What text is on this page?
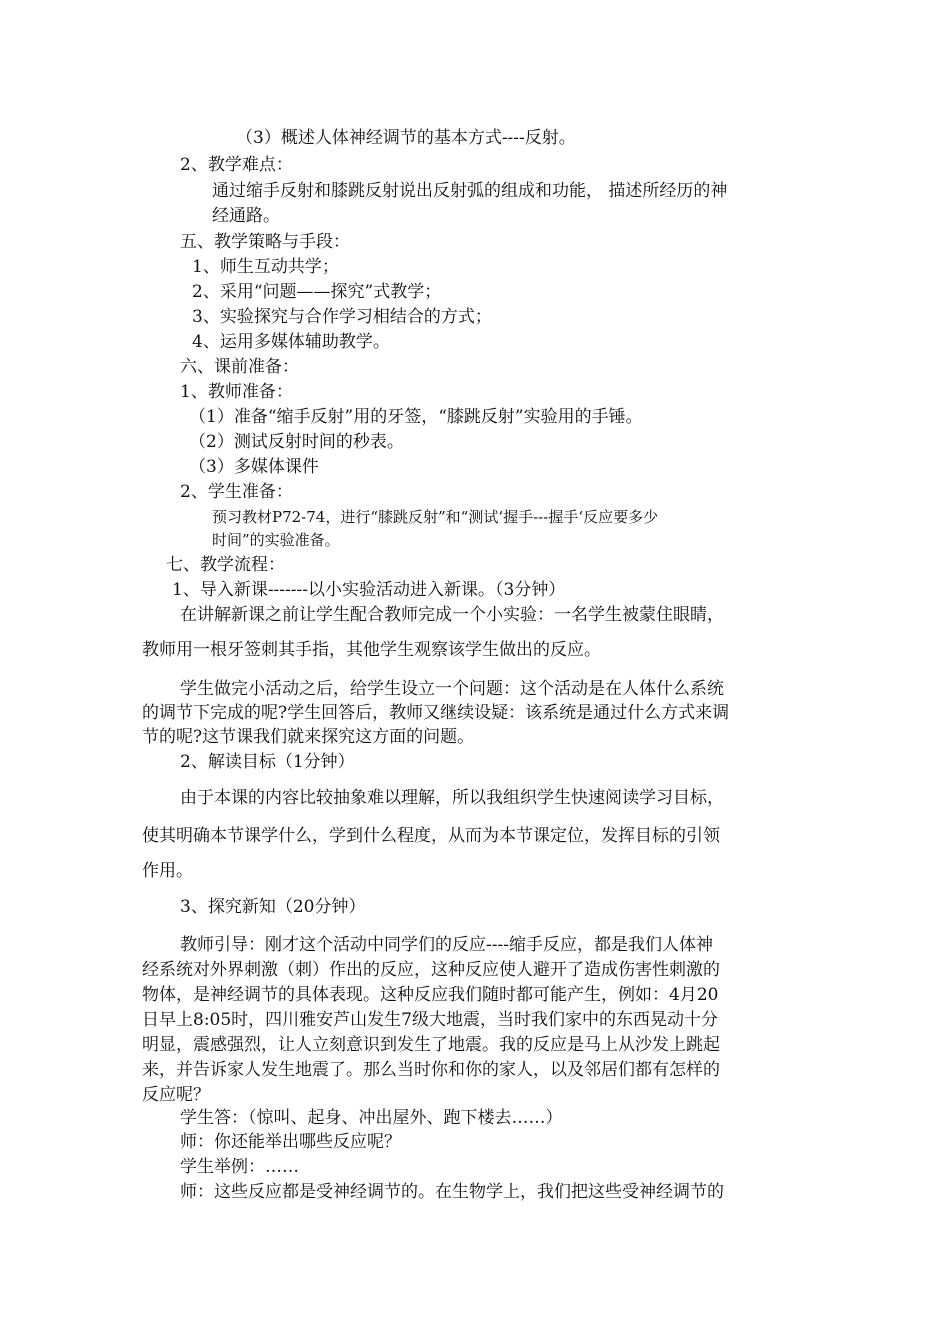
（3）概述人体神经调节的基本方式----反射。
2、教学难点：
通过缩手反射和膝跳反射说出反射弧的组成和功能， 描述所经历的神
经通路。
五、教学策略与手段：
1、师生互动共学；
2、采用“问题——探究”式教学；
3、实验探究与合作学习相结合的方式；
4、运用多媒体辅助教学。
六、课前准备：
1、教师准备：
（1）准备“缩手反射”用的牙签，“膝跳反射”实验用的手锤。
（2）测试反射时间的秒表。
（3）多媒体课件
2、学生准备：
预习教材P72-74，进行“膝跳反射”和“测试‘握手---握手‘反应要多少
时间”的实验准备。
七、教学流程：
1、导入新课-------以小实验活动进入新课。（3分钟）
在讲解新课之前让学生配合教师完成一个小实验：一名学生被蒙住眼睛，
教师用一根牙签刺其手指，其他学生观察该学生做出的反应。
学生做完小活动之后，给学生设立一个问题：这个活动是在人体什么系统
的调节下完成的呢?学生回答后，教师又继续设疑：该系统是通过什么方式来调
节的呢?这节课我们就来探究这方面的问题。
2、解读目标（1分钟）
由于本课的内容比较抽象难以理解，所以我组织学生快速阅读学习目标，
使其明确本节课学什么，学到什么程度，从而为本节课定位，发挥目标的引领
作用。
3、探究新知（20分钟）
教师引导：刚才这个活动中同学们的反应----缩手反应，都是我们人体神
经系统对外界刺激（刺）作出的反应，这种反应使人避开了造成伤害性刺激的
物体，是神经调节的具体表现。这种反应我们随时都可能产生，例如：4月20
日早上8:05时，四川雅安芦山发生7级大地震，当时我们家中的东西晃动十分
明显，震感强烈，让人立刻意识到发生了地震。我的反应是马上从沙发上跳起
来，并告诉家人发生地震了。那么当时你和你的家人，以及邻居们都有怎样的
反应呢？
学生答：（惊叫、起身、冲出屋外、跑下楼去……）
师：你还能举出哪些反应呢？
学生举例：……
师：这些反应都是受神经调节的。在生物学上，我们把这些受神经调节的
